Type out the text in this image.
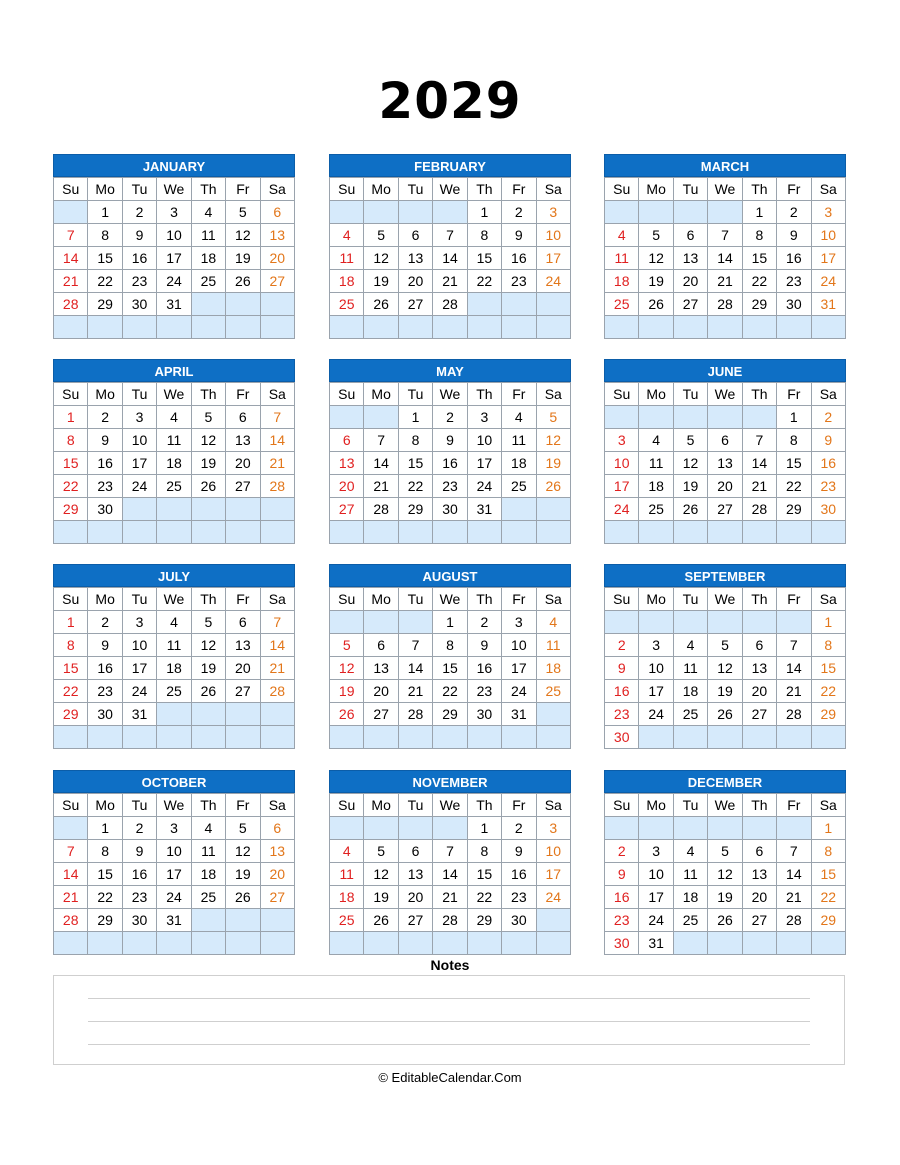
2029
JANUARY
Su	Mo	Tu	We	Th	Fr	Sa
	1	2	3	4	5	6
7	8	9	10	11	12	13
14	15	16	17	18	19	20
21	22	23	24	25	26	27
28	29	30	31			

FEBRUARY
Su	Mo	Tu	We	Th	Fr	Sa
				1	2	3
4	5	6	7	8	9	10
11	12	13	14	15	16	17
18	19	20	21	22	23	24
25	26	27	28			

MARCH
Su	Mo	Tu	We	Th	Fr	Sa
				1	2	3
4	5	6	7	8	9	10
11	12	13	14	15	16	17
18	19	20	21	22	23	24
25	26	27	28	29	30	31

APRIL
Su	Mo	Tu	We	Th	Fr	Sa
1	2	3	4	5	6	7
8	9	10	11	12	13	14
15	16	17	18	19	20	21
22	23	24	25	26	27	28
29	30					

MAY
Su	Mo	Tu	We	Th	Fr	Sa
		1	2	3	4	5
6	7	8	9	10	11	12
13	14	15	16	17	18	19
20	21	22	23	24	25	26
27	28	29	30	31		

JUNE
Su	Mo	Tu	We	Th	Fr	Sa
					1	2
3	4	5	6	7	8	9
10	11	12	13	14	15	16
17	18	19	20	21	22	23
24	25	26	27	28	29	30

JULY
Su	Mo	Tu	We	Th	Fr	Sa
1	2	3	4	5	6	7
8	9	10	11	12	13	14
15	16	17	18	19	20	21
22	23	24	25	26	27	28
29	30	31				

AUGUST
Su	Mo	Tu	We	Th	Fr	Sa
			1	2	3	4
5	6	7	8	9	10	11
12	13	14	15	16	17	18
19	20	21	22	23	24	25
26	27	28	29	30	31	

SEPTEMBER
Su	Mo	Tu	We	Th	Fr	Sa
						1
2	3	4	5	6	7	8
9	10	11	12	13	14	15
16	17	18	19	20	21	22
23	24	25	26	27	28	29
30						
OCTOBER
Su	Mo	Tu	We	Th	Fr	Sa
	1	2	3	4	5	6
7	8	9	10	11	12	13
14	15	16	17	18	19	20
21	22	23	24	25	26	27
28	29	30	31			

NOVEMBER
Su	Mo	Tu	We	Th	Fr	Sa
				1	2	3
4	5	6	7	8	9	10
11	12	13	14	15	16	17
18	19	20	21	22	23	24
25	26	27	28	29	30	

DECEMBER
Su	Mo	Tu	We	Th	Fr	Sa
						1
2	3	4	5	6	7	8
9	10	11	12	13	14	15
16	17	18	19	20	21	22
23	24	25	26	27	28	29
30	31					
Notes
© EditableCalendar.Com
